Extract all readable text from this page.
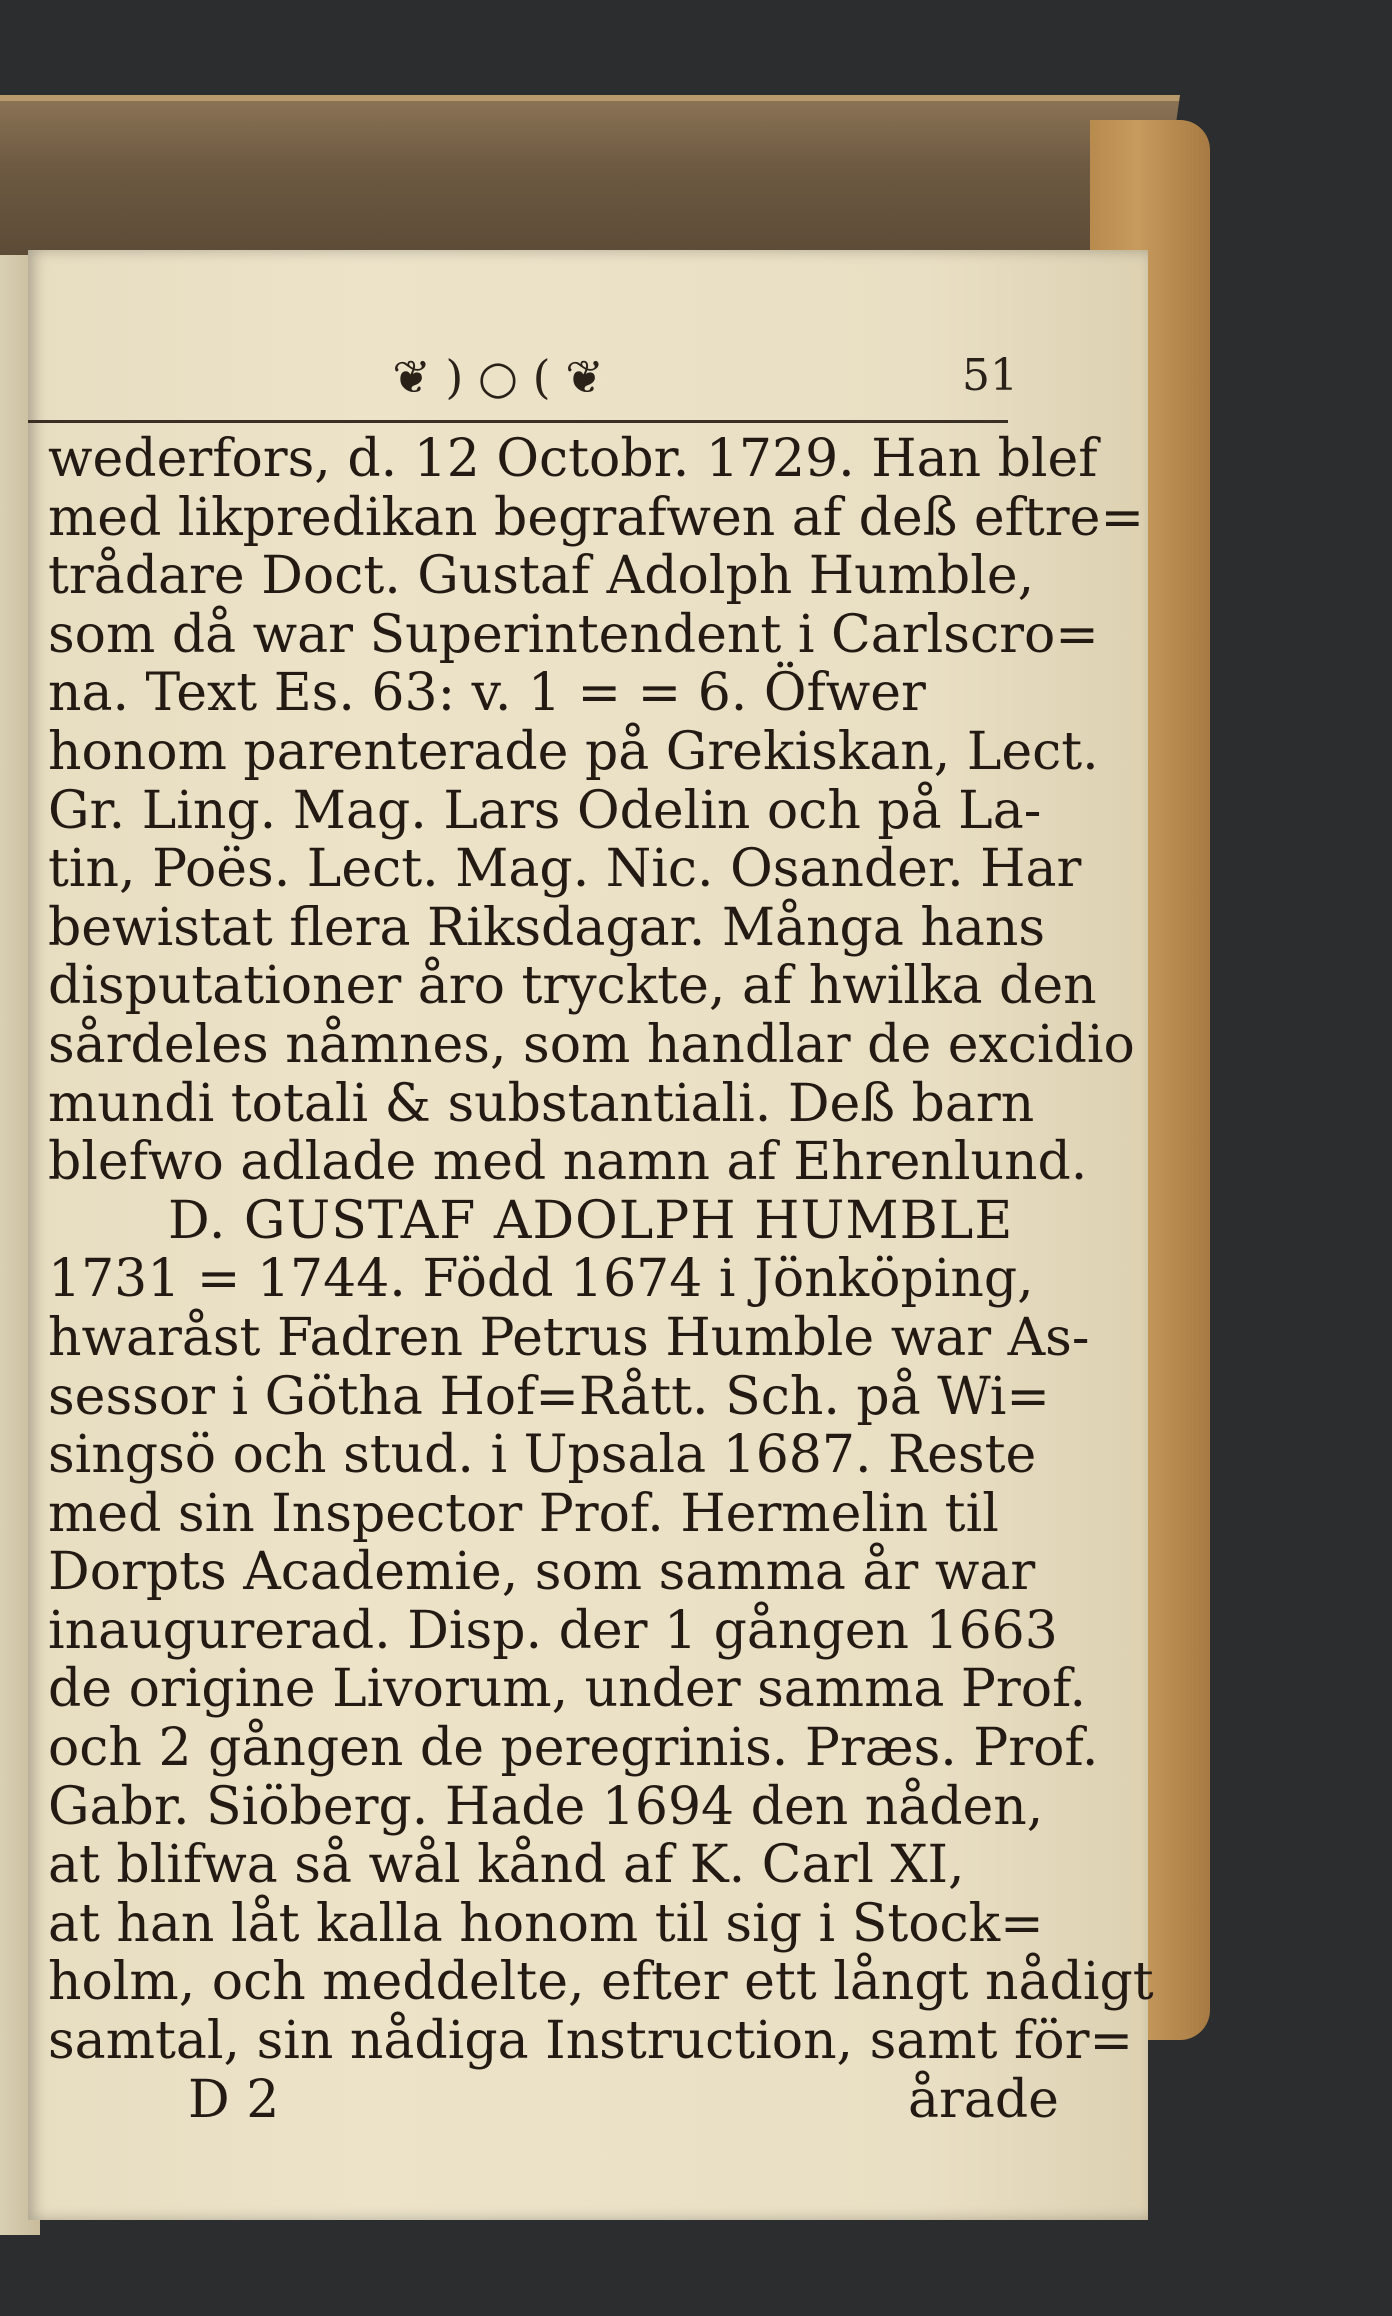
❦ ) ○ ( ❦	51
wederfors, d. 12 Octobr. 1729. Han blef
med likpredikan begrafwen af deß eftre=
trådare Doct. Gustaf Adolph Humble,
som då war Superintendent i Carlscro=
na. Text Es. 63: v. 1 = = 6. Öfwer
honom parenterade på Grekiskan, Lect.
Gr. Ling. Mag. Lars Odelin och på La-
tin, Poës. Lect. Mag. Nic. Osander. Har
bewistat flera Riksdagar. Många hans
disputationer åro tryckte, af hwilka den
sårdeles nåmnes, som handlar de excidio
mundi totali & substantiali. Deß barn
blefwo adlade med namn af Ehrenlund.
D. GUSTAF ADOLPH HUMBLE
1731 = 1744. Född 1674 i Jönköping,
hwaråst Fadren Petrus Humble war As-
sessor i Götha Hof=Rått. Sch. på Wi=
singsö och stud. i Upsala 1687. Reste
med sin Inspector Prof. Hermelin til
Dorpts Academie, som samma år war
inaugurerad. Disp. der 1 gången 1663
de origine Livorum, under samma Prof.
och 2 gången de peregrinis. Præs. Prof.
Gabr. Siöberg. Hade 1694 den nåden,
at blifwa så wål kånd af K. Carl XI,
at han låt kalla honom til sig i Stock=
holm, och meddelte, efter ett långt nådigt
samtal, sin nådiga Instruction, samt för=
D 2	årade
